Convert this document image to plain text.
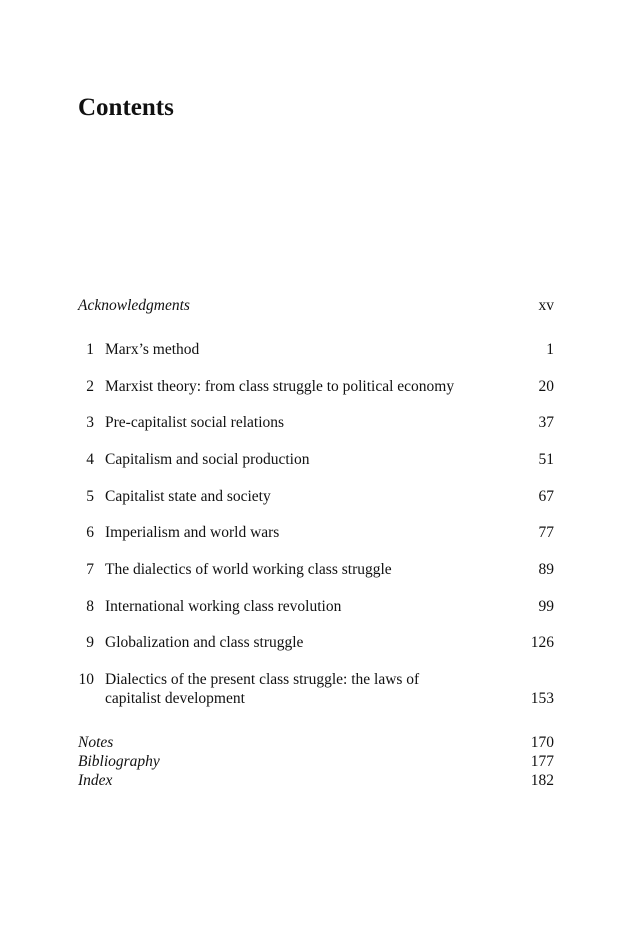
Contents
Acknowledgments	xv
1 Marx’s method	1
2 Marxist theory: from class struggle to political economy	20
3 Pre-capitalist social relations	37
4 Capitalism and social production	51
5 Capitalist state and society	67
6 Imperialism and world wars	77
7 The dialectics of world working class struggle	89
8 International working class revolution	99
9 Globalization and class struggle	126
10 Dialectics of the present class struggle: the laws of
capitalist development	153
Notes	170
Bibliography	177
Index	182
